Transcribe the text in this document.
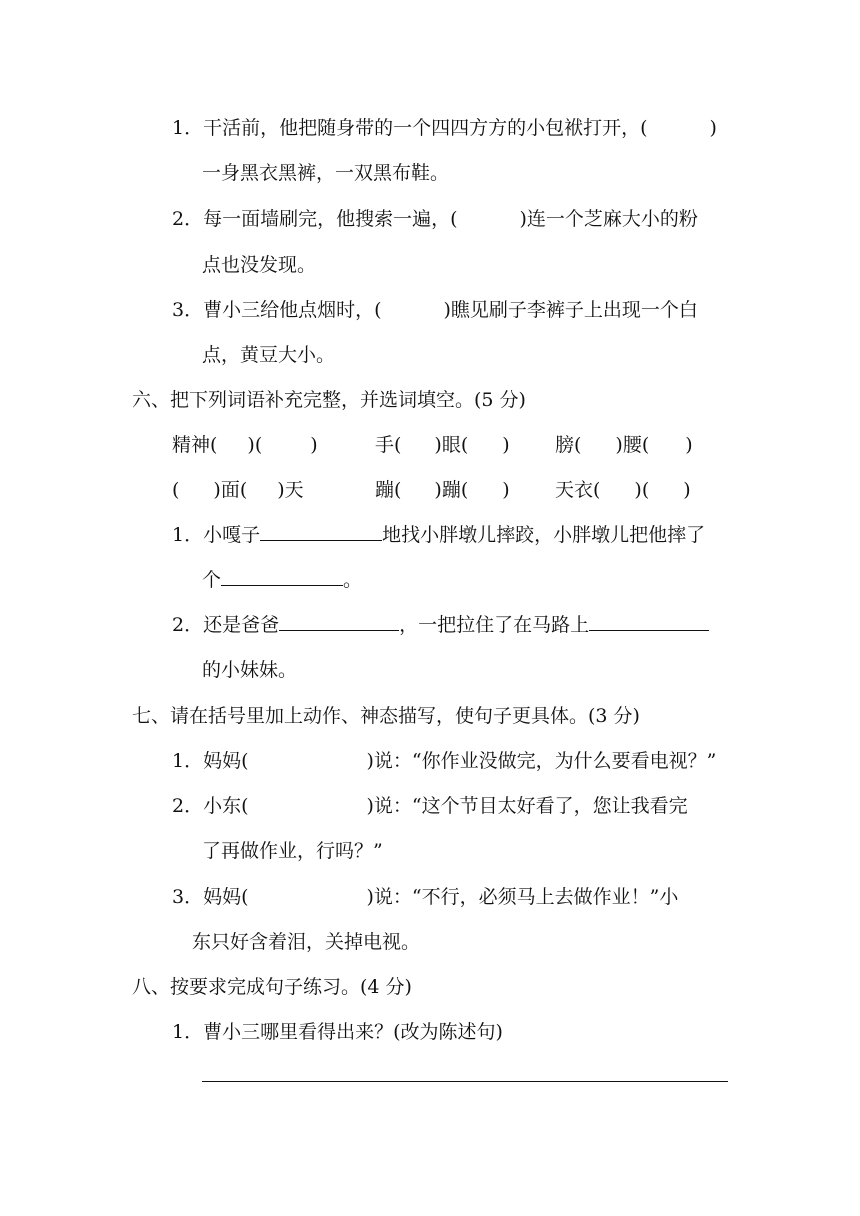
1．干活前，他把随身带的一个四四方方的小包袱打开，(	)
一身黑衣黑裤，一双黑布鞋。
2．每一面墙刷完，他搜索一遍，(	)连一个芝麻大小的粉
点也没发现。
3．曹小三给他点烟时，(	)瞧见刷子李裤子上出现一个白
点，黄豆大小。
六、把下列词语补充完整，并选词填空。(5 分)
精神( )(	)	手( )眼( ) 膀( )腰( )
( )面( )天	蹦( )蹦( ) 天衣( )( )
1．小嘎子	地找小胖墩儿摔跤，小胖墩儿把他摔了
个	。
2．还是爸爸	，一把拉住了在马路上
的小妹妹。
七、请在括号里加上动作、神态描写，使句子更具体。(3 分)
1．妈妈(	)说：“你作业没做完，为什么要看电视？”
2．小东(	)说：“这个节目太好看了，您让我看完
了再做作业，行吗？”
3．妈妈(	)说：“不行，必须马上去做作业！”小
东只好含着泪，关掉电视。
八、按要求完成句子练习。(4 分)
1．曹小三哪里看得出来？(改为陈述句)
